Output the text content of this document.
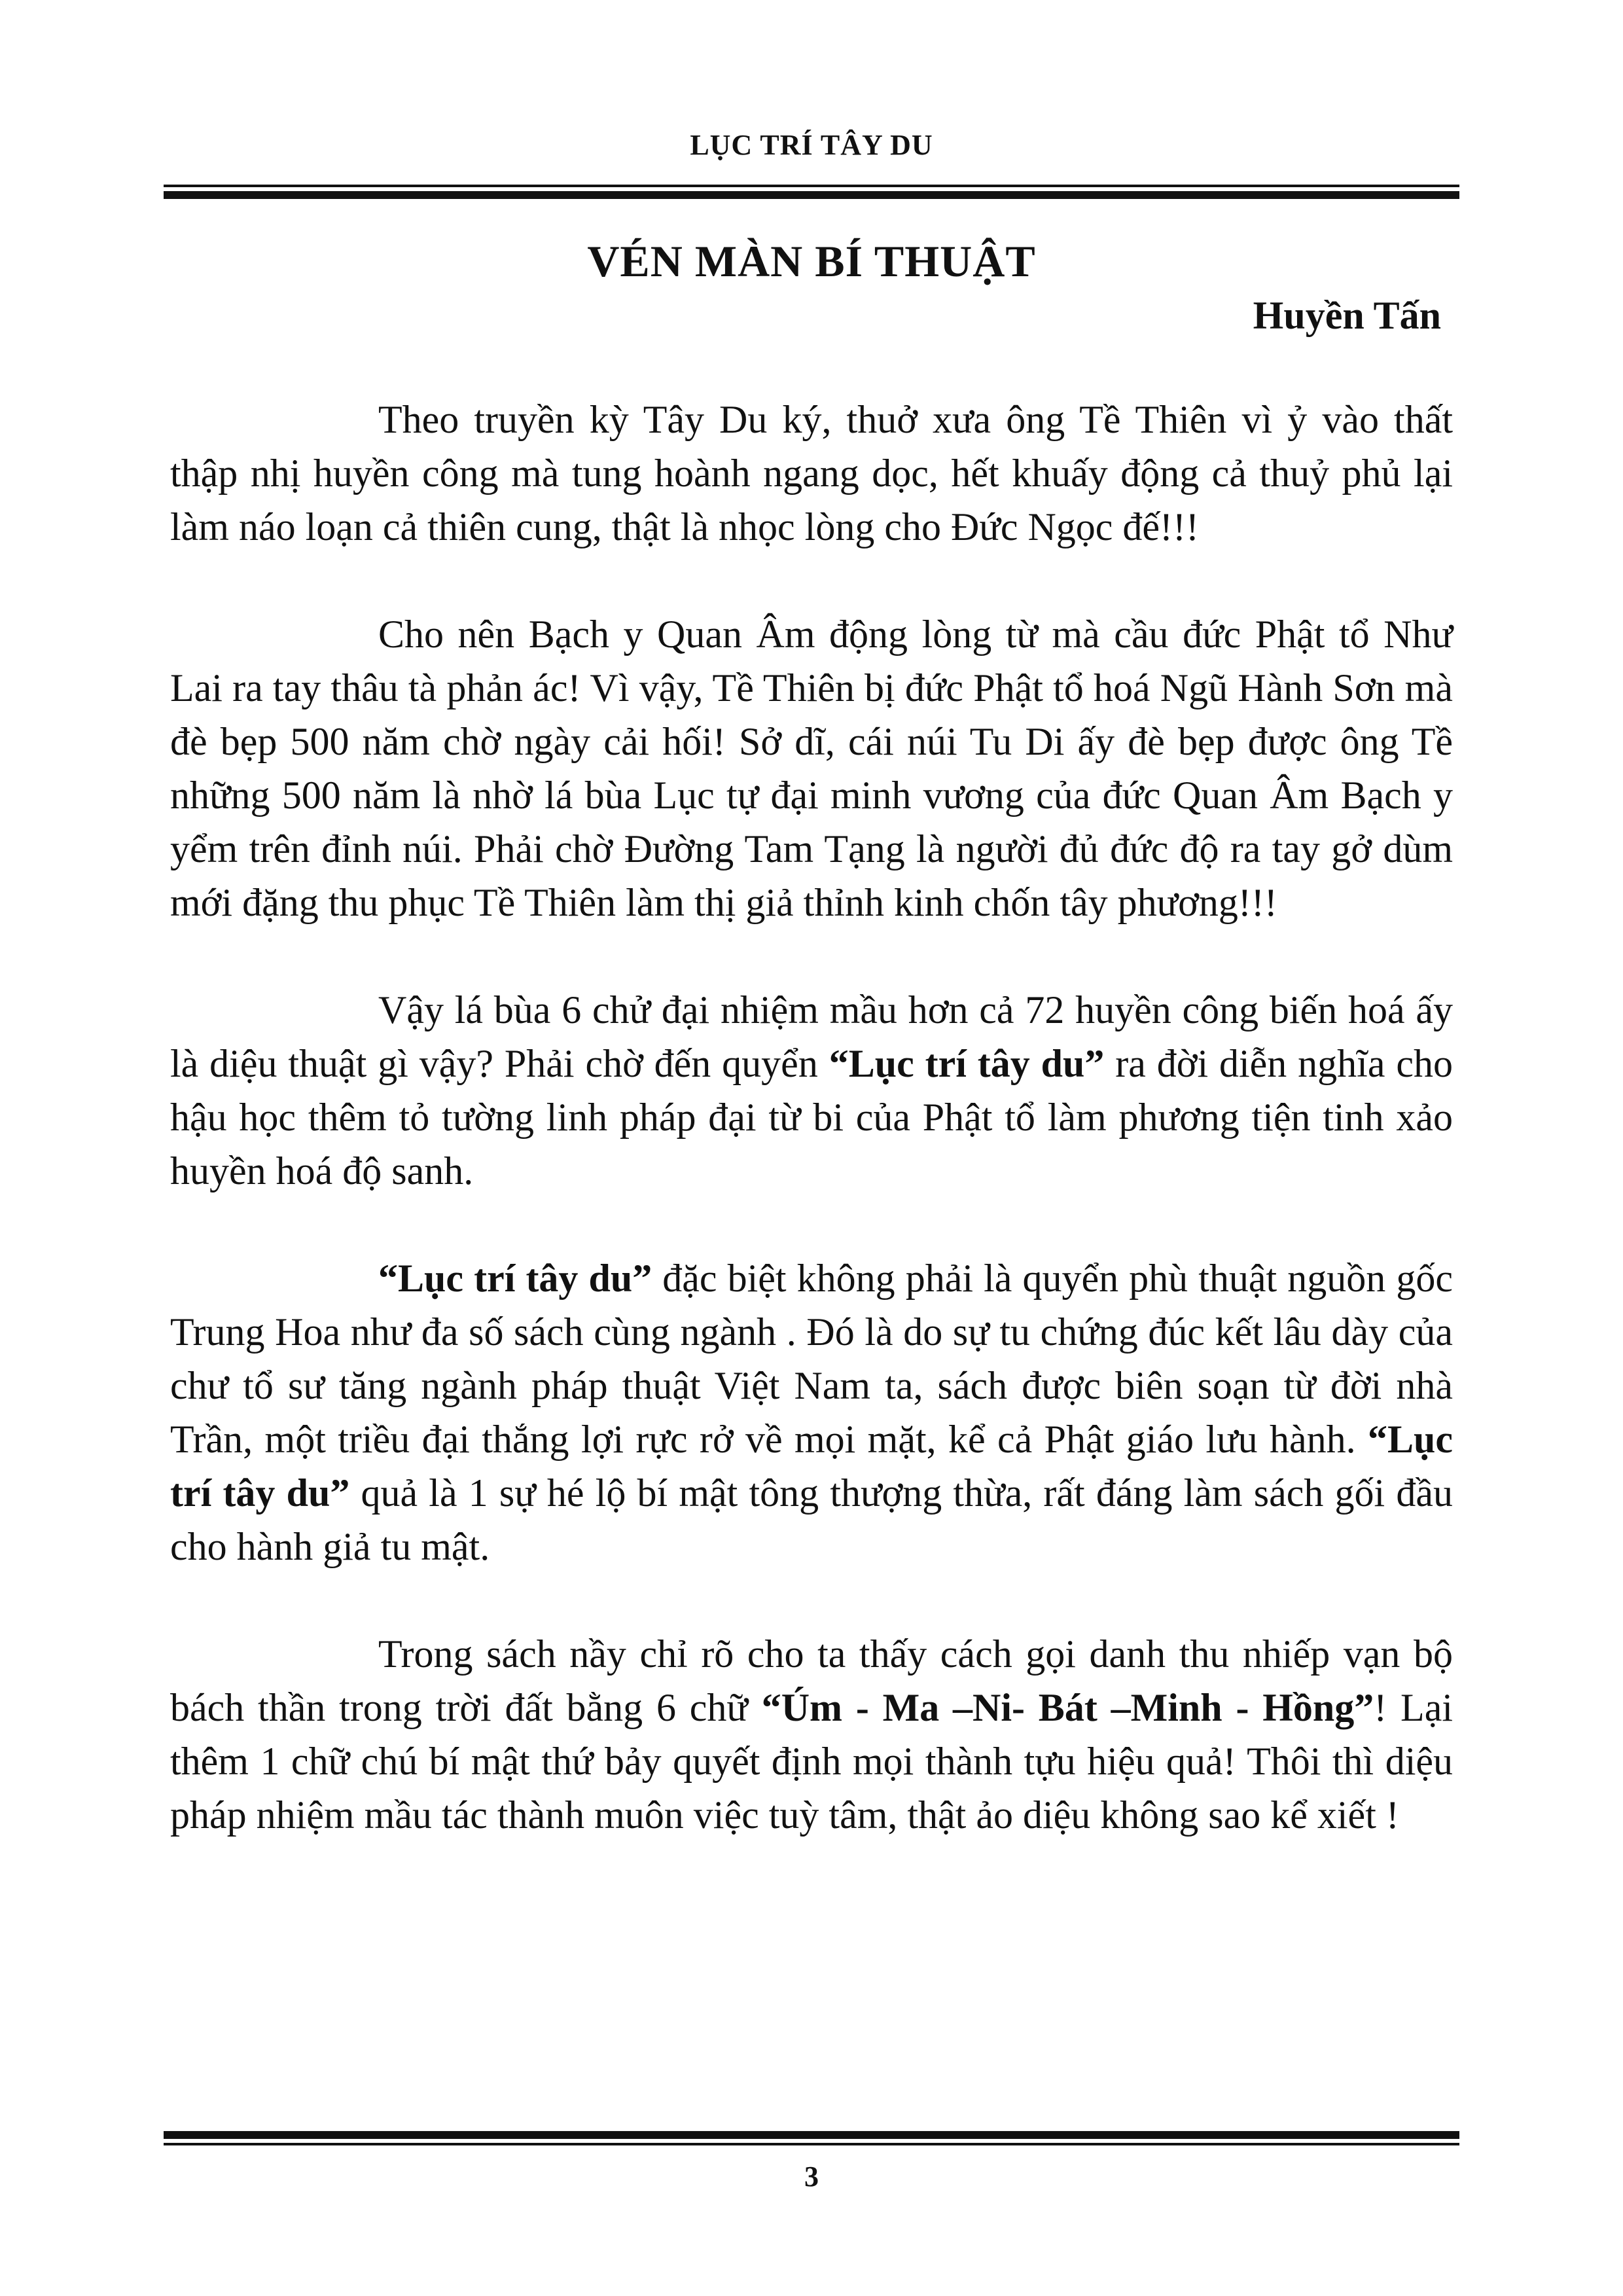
LỤC TRÍ TÂY DU
VÉN MÀN BÍ THUẬT
Huyền Tấn

Theo truyền kỳ Tây Du ký, thuở xưa ông Tề Thiên vì ỷ vào thất thập nhị huyền công mà tung hoành ngang dọc, hết khuấy động cả thuỷ phủ lại làm náo loạn cả thiên cung, thật là nhọc lòng cho Đức Ngọc đế!!!

Cho nên Bạch y Quan Âm động lòng từ mà cầu đức Phật tổ Như Lai ra tay thâu tà phản ác! Vì vậy, Tề Thiên bị đức Phật tổ hoá Ngũ Hành Sơn mà đè bẹp 500 năm chờ ngày cải hối! Sở dĩ, cái núi Tu Di ấy đè bẹp được ông Tề những 500 năm là nhờ lá bùa Lục tự đại minh vương của đức Quan Âm Bạch y yểm trên đỉnh núi. Phải chờ Đường Tam Tạng là người đủ đức độ ra tay gở dùm mới đặng thu phục Tề Thiên làm thị giả thỉnh kinh chốn tây phương!!!

Vậy lá bùa 6 chử đại nhiệm mầu hơn cả 72 huyền công biến hoá ấy là diệu thuật gì vậy? Phải chờ đến quyển “Lục trí tây du” ra đời diễn nghĩa cho hậu học thêm tỏ tường linh pháp đại từ bi của Phật tổ làm phương tiện tinh xảo huyền hoá độ sanh.

“Lục trí tây du” đặc biệt không phải là quyển phù thuật nguồn gốc Trung Hoa như đa số sách cùng ngành . Đó là do sự tu chứng đúc kết lâu dày của chư tổ sư tăng ngành pháp thuật Việt Nam ta, sách được biên soạn từ đời nhà Trần, một triều đại thắng lợi rực rở về mọi mặt, kể cả Phật giáo lưu hành. “Lục trí tây du” quả là 1 sự hé lộ bí mật tông thượng thừa, rất đáng làm sách gối đầu cho hành giả tu mật.

Trong sách nầy chỉ rõ cho ta thấy cách gọi danh thu nhiếp vạn bộ bách thần trong trời đất bằng 6 chữ “Úm - Ma –Ni- Bát –Minh - Hồng”! Lại thêm 1 chữ chú bí mật thứ bảy quyết định mọi thành tựu hiệu quả! Thôi thì diệu pháp nhiệm mầu tác thành muôn việc tuỳ tâm, thật ảo diệu không sao kể xiết !

3
